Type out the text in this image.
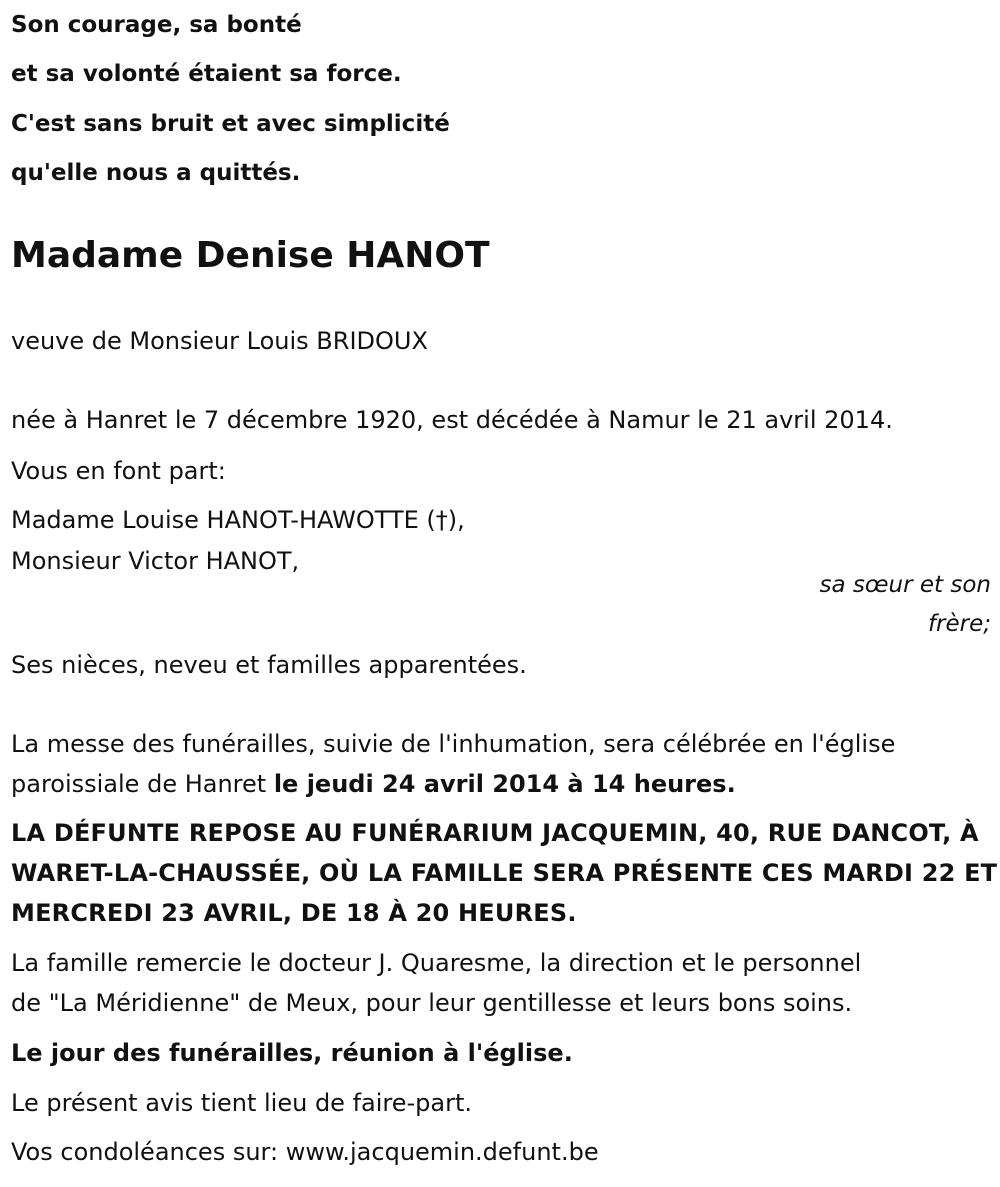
Son courage, sa bonté
et sa volonté étaient sa force.
C'est sans bruit et avec simplicité
qu'elle nous a quittés.
Madame Denise HANOT
veuve de Monsieur Louis BRIDOUX
née à Hanret le 7 décembre 1920, est décédée à Namur le 21 avril 2014.
Vous en font part:
Madame Louise HANOT-HAWOTTE (†),
Monsieur Victor HANOT,
sa sœur et son
frère;
Ses nièces, neveu et familles apparentées.
La messe des funérailles, suivie de l'inhumation, sera célébrée en l'église
paroissiale de Hanret le jeudi 24 avril 2014 à 14 heures.
LA DÉFUNTE REPOSE AU FUNÉRARIUM JACQUEMIN, 40, RUE DANCOT, À
WARET-LA-CHAUSSÉE, OÙ LA FAMILLE SERA PRÉSENTE CES MARDI 22 ET
MERCREDI 23 AVRIL, DE 18 À 20 HEURES.
La famille remercie le docteur J. Quaresme, la direction et le personnel
de "La Méridienne" de Meux, pour leur gentillesse et leurs bons soins.
Le jour des funérailles, réunion à l'église.
Le présent avis tient lieu de faire-part.
Vos condoléances sur: www.jacquemin.defunt.be
